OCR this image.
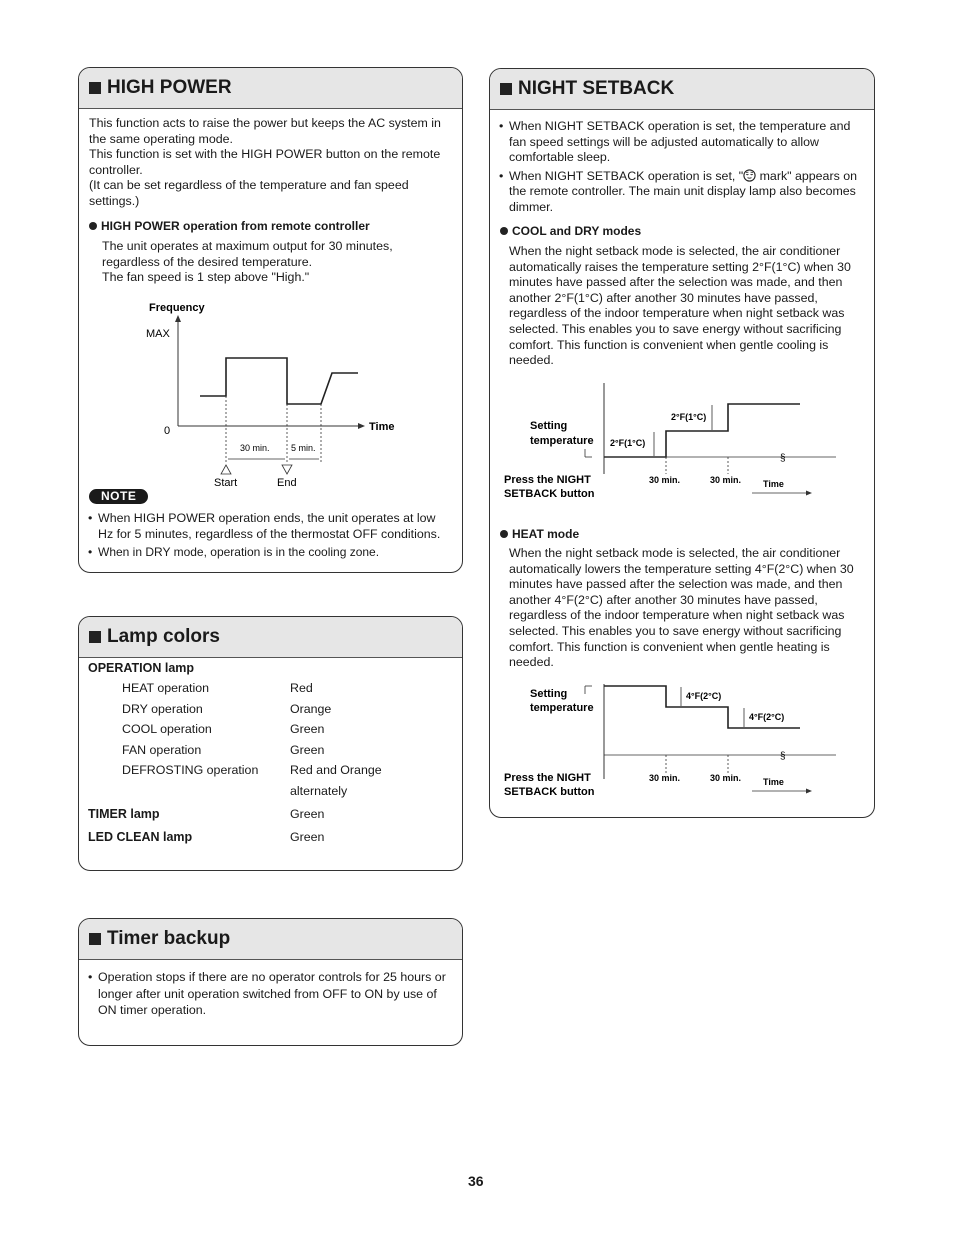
HIGH POWER
This function acts to raise the power but keeps the AC system in
the same operating mode.
This function is set with the HIGH POWER button on the remote
controller.
(It can be set regardless of the temperature and fan speed
settings.)
HIGH POWER operation from remote controller
The unit operates at maximum output for 30 minutes,
regardless of the desired temperature.
The fan speed is 1 step above "High."
Frequency
MAX
0	Time
30 min. 5 min.
Start	End
NOTE
• When HIGH POWER operation ends, the unit operates at low
Hz for 5 minutes, regardless of the thermostat OFF conditions.
• When in DRY mode, operation is in the cooling zone.
Lamp colors
OPERATION lamp
HEAT operation	Red
DRY operation	Orange
COOL operation	Green
FAN operation	Green
DEFROSTING operation	Red and Orange
alternately
TIMER lamp	Green
LED CLEAN lamp	Green
Timer backup
• Operation stops if there are no operator controls for 25 hours or
longer after unit operation switched from OFF to ON by use of
ON timer operation.
NIGHT SETBACK
• When NIGHT SETBACK operation is set, the temperature and
fan speed settings will be adjusted automatically to allow
comfortable sleep.
• When NIGHT SETBACK operation is set, " mark" appears on
the remote controller. The main unit display lamp also becomes
dimmer.
COOL and DRY modes
When the night setback mode is selected, the air conditioner
automatically raises the temperature setting 2°F(1°C) when 30
minutes have passed after the selection was made, and then
another 2°F(1°C) after another 30 minutes have passed,
regardless of the indoor temperature when night setback was
selected. This enables you to save energy without sacrificing
comfort. This function is convenient when gentle cooling is
needed.
Setting
temperature 2°F(1°C)
2°F(1°C)
§
Press the NIGHT
SETBACK button
30 min.	30 min. Time
HEAT mode
When the night setback mode is selected, the air conditioner
automatically lowers the temperature setting 4°F(2°C) when 30
minutes have passed after the selection was made, and then
another 4°F(2°C) after another 30 minutes have passed,
regardless of the indoor temperature when night setback was
selected. This enables you to save energy without sacrificing
comfort. This function is convenient when gentle heating is
needed.
Setting
temperature
4°F(2°C)
4°F(2°C)
§
Press the NIGHT
SETBACK button
30 min.	30 min. Time
36
